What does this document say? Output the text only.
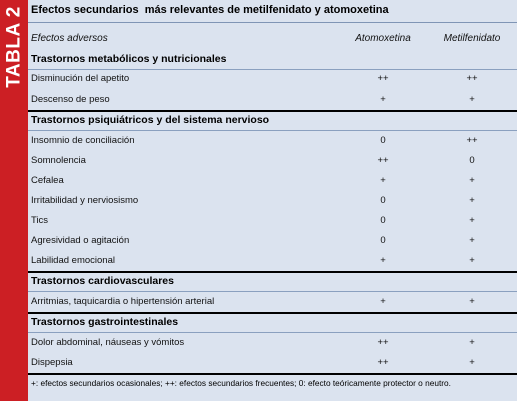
TABLA 2 Efectos secundarios  más relevantes de metilfenidato y atomoxetina
Efectos adversos	Atomoxetina	Metilfenidato
Trastornos metabólicos y nutricionales
Disminución del apetito	++	++
Descenso de peso	+	+
Trastornos psiquiátricos y del sistema nervioso
Insomnio de conciliación	0	++
Somnolencia	++	0
Cefalea	+	+
Irritabilidad y nerviosismo	0	+
Tics	0	+
Agresividad o agitación	0	+
Labilidad emocional	+	+
Trastornos cardiovasculares
Arritmias, taquicardia o hipertensión arterial	+	+
Trastornos gastrointestinales
Dolor abdominal, náuseas y vómitos	++	+
Dispepsia	++	+
+: efectos secundarios ocasionales; ++: efectos secundarios frecuentes; 0: efecto teóricamente protector o neutro.
